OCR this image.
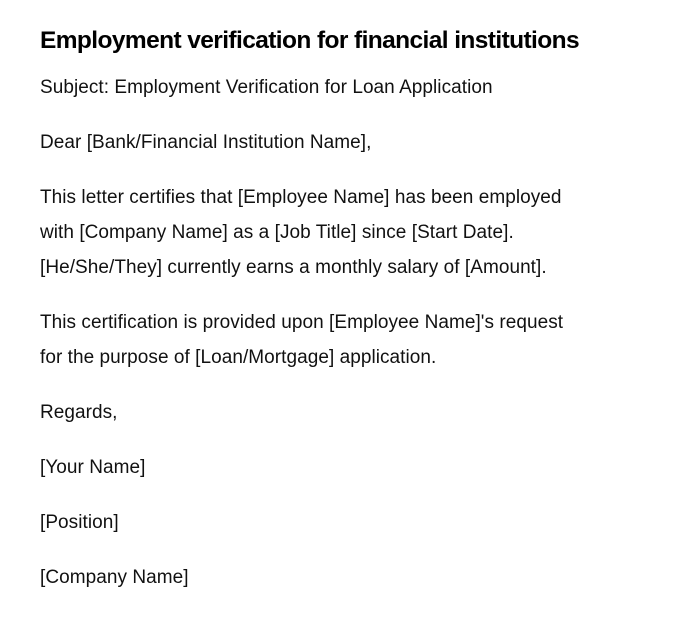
Employment verification for financial institutions

Subject: Employment Verification for Loan Application

Dear [Bank/Financial Institution Name],

This letter certifies that [Employee Name] has been employed
with [Company Name] as a [Job Title] since [Start Date].
[He/She/They] currently earns a monthly salary of [Amount].

This certification is provided upon [Employee Name]'s request
for the purpose of [Loan/Mortgage] application.

Regards,

[Your Name]

[Position]

[Company Name]
